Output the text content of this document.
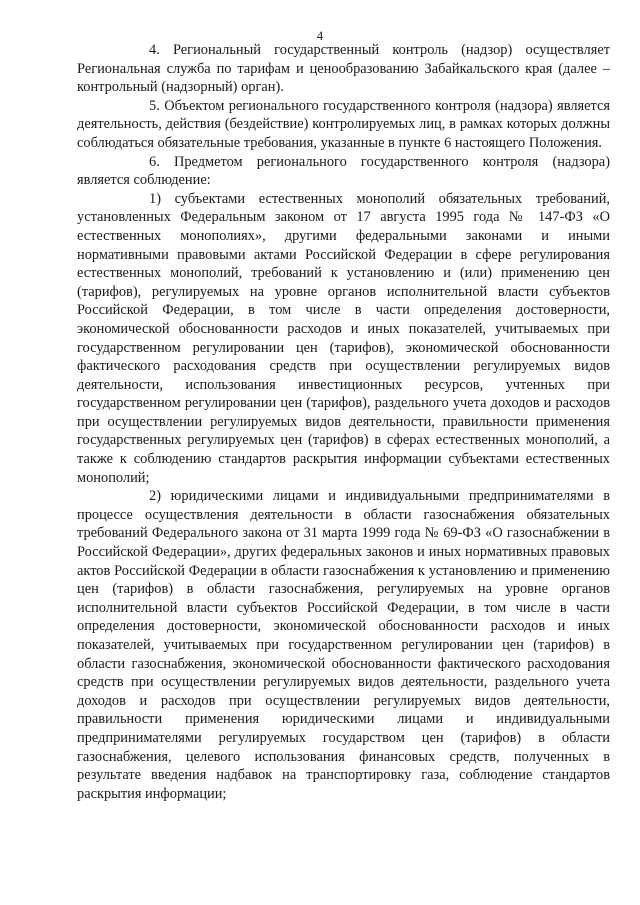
4

4. Региональный государственный контроль (надзор) осуществляет Региональная служба по тарифам и ценообразованию Забайкальского края (далее – контрольный (надзорный) орган).

5. Объектом регионального государственного контроля (надзора) является деятельность, действия (бездействие) контролируемых лиц, в рамках которых должны соблюдаться обязательные требования, указанные в пункте 6 настоящего Положения.

6. Предметом регионального государственного контроля (надзора) является соблюдение:

1) субъектами естественных монополий обязательных требований, установленных Федеральным законом от 17 августа 1995 года № 147-ФЗ «О естественных монополиях», другими федеральными законами и иными нормативными правовыми актами Российской Федерации в сфере регулирования естественных монополий, требований к установлению и (или) применению цен (тарифов), регулируемых на уровне органов исполнительной власти субъектов Российской Федерации, в том числе в части определения достоверности, экономической обоснованности расходов и иных показателей, учитываемых при государственном регулировании цен (тарифов), экономической обоснованности фактического расходования средств при осуществлении регулируемых видов деятельности, использования инвестиционных ресурсов, учтенных при государственном регулировании цен (тарифов), раздельного учета доходов и расходов при осуществлении регулируемых видов деятельности, правильности применения государственных регулируемых цен (тарифов) в сферах естественных монополий, а также к соблюдению стандартов раскрытия информации субъектами естественных монополий;

2) юридическими лицами и индивидуальными предпринимателями в процессе осуществления деятельности в области газоснабжения обязательных требований Федерального закона от 31 марта 1999 года № 69-ФЗ «О газоснабжении в Российской Федерации», других федеральных законов и иных нормативных правовых актов Российской Федерации в области газоснабжения к установлению и применению цен (тарифов) в области газоснабжения, регулируемых на уровне органов исполнительной власти субъектов Российской Федерации, в том числе в части определения достоверности, экономической обоснованности расходов и иных показателей, учитываемых при государственном регулировании цен (тарифов) в области газоснабжения, экономической обоснованности фактического расходования средств при осуществлении регулируемых видов деятельности, раздельного учета доходов и расходов при осуществлении регулируемых видов деятельности, правильности применения юридическими лицами и индивидуальными предпринимателями регулируемых государством цен (тарифов) в области газоснабжения, целевого использования финансовых средств, полученных в результате введения надбавок на транспортировку газа, соблюдение стандартов раскрытия информации;
